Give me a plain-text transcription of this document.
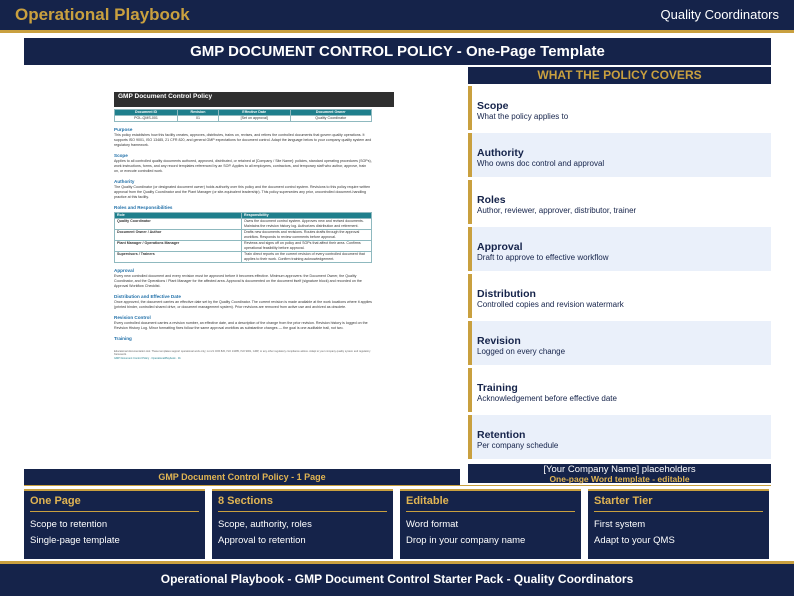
Operational Playbook	Quality Coordinators
GMP DOCUMENT CONTROL POLICY - One-Page Template
GMP Document Control Policy
Document ID	Revision	Effective Date	Document Owner
POL-QMS-001	01	[Set on approval]	Quality Coordinator
Purpose
This policy establishes how this facility creates, approves, distributes, trains on, revises, and retires the controlled documents that govern quality operations. It supports ISO 9001, ISO 13485, 21 CFR 820, and general GMP expectations for document control. Adapt the language below to your company quality system and regulatory framework.
Scope
Applies to all controlled quality documents authored, approved, distributed, or retained at [Company / Site Name]: policies, standard operating procedures (SOPs), work instructions, forms, and any record templates referenced by an SOP. Applies to all employees, contractors, and temporary staff who author, approve, train on, or execute controlled work.
Authority
The Quality Coordinator (or designated document owner) holds authority over this policy and the document control system. Revisions to this policy require written approval from the Quality Coordinator and the Plant Manager (or site-equivalent leadership). This policy supersedes any prior, uncontrolled document-handling practice at this facility.
Roles and Responsibilities
Role	Responsibility
Quality Coordinator	Owns the document control system. Approves new and revised documents. Maintains the revision history log. Authorizes distribution and retirement.
Document Owner / Author	Drafts new documents and revisions. Routes drafts through the approval workflow. Responds to review comments before approval.
Plant Manager / Operations Manager	Reviews and signs off on policy and SOPs that affect their area. Confirms operational feasibility before approval.
Supervisors / Trainers	Train direct reports on the current revision of every controlled document that applies to their work. Confirm training acknowledgement.
Approval
Every new controlled document and every revision must be approved before it becomes effective. Minimum approvers: the Document Owner, the Quality Coordinator, and the Operations / Plant Manager for the affected area. Approval is documented on the document itself (signature block) and recorded on the Approval Workflow Checklist.
Distribution and Effective Date
Once approved, the document carries an effective date set by the Quality Coordinator. The current revision is made available at the work locations where it applies (printed binder, controlled shared drive, or document management system). Prior revisions are removed from active use and archived as obsolete.
Revision Control
Every controlled document carries a revision number, an effective date, and a description of the change from the prior revision. Revision history is logged on the Revision History Log. Minor formatting fixes follow the same approval workflow as substantive changes — the goal is one auditable trail, not two.
Training
Educational documentation tool. These templates support operational work only; not 21 CFR 820, ISO 13485, ISO 9001, GMP, or any other regulatory compliance advice. Adapt to your company quality system and regulatory framework.
GMP Document Control Policy · OperationalPlaybook · 01
GMP Document Control Policy - 1 Page
WHAT THE POLICY COVERS
Scope
What the policy applies to
Authority
Who owns doc control and approval
Roles
Author, reviewer, approver, distributor, trainer
Approval
Draft to approve to effective workflow
Distribution
Controlled copies and revision watermark
Revision
Logged on every change
Training
Acknowledgement before effective date
Retention
Per company schedule
[Your Company Name] placeholders
One-page Word template - editable
One Page
Scope to retention
Single-page template
8 Sections
Scope, authority, roles
Approval to retention
Editable
Word format
Drop in your company name
Starter Tier
First system
Adapt to your QMS
Operational Playbook - GMP Document Control Starter Pack - Quality Coordinators
